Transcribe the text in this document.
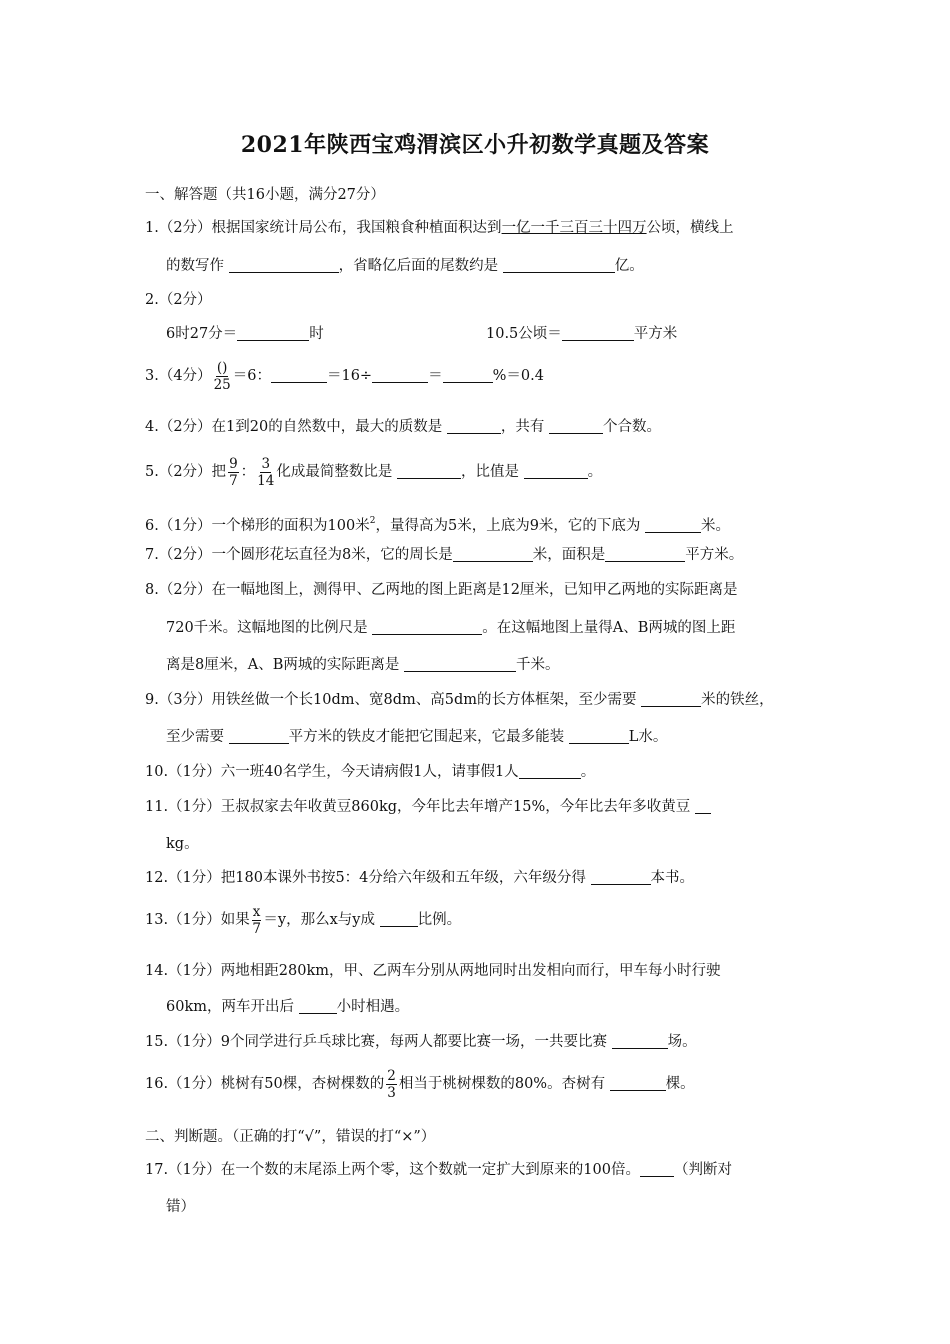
2021年陕西宝鸡渭滨区小升初数学真题及答案
一、解答题（共16小题，满分27分）
1.（2分）根据国家统计局公布，我国粮食种植面积达到一亿一千三百三十四万公顷，横线上
的数写作	，省略亿后面的尾数约是	亿。
2.（2分）
6时27分＝	时	10.5公顷＝	平方米
3.（4分） $\frac{()}{25} =6$：	＝16÷	＝	%＝0.4
4.（2分）在1到20的自然数中，最大的质数是	，共有	个合数。
5.（2分）把 $\frac{9}{7}$ ： $\frac{3}{14}$ 化成最简整数比是	，比值是	。
6.（1分）一个梯形的面积为100米$^2$，量得高为5米，上底为9米，它的下底为	米。
7.（2分）一个圆形花坛直径为8米，它的周长是	米，面积是	平方米。
8.（2分）在一幅地图上，测得甲、乙两地的图上距离是12厘米，已知甲乙两地的实际距离是
720千米。这幅地图的比例尺是	。在这幅地图上量得A、B两城的图上距
离是8厘米，A、B两城的实际距离是	千米。
9.（3分）用铁丝做一个长10dm、宽8dm、高5dm的长方体框架，至少需要	米的铁丝，
至少需要	平方米的铁皮才能把它围起来，它最多能装	L水。
10.（1分）六一班40名学生，今天请病假1人，请事假1人	。
11.（1分）王叔叔家去年收黄豆860kg，今年比去年增产15%，今年比去年多收黄豆
kg。
12.（1分）把180本课外书按5：4分给六年级和五年级，六年级分得	本书。
13.（1分）如果 $\frac{x}{7} =y$，那么x与y成	比例。
14.（1分）两地相距280km，甲、乙两车分别从两地同时出发相向而行，甲车每小时行驶
60km，两车开出后	小时相遇。
15.（1分）9个同学进行乒乓球比赛，每两人都要比赛一场，一共要比赛	场。
16.（1分）桃树有50棵，杏树棵数的 $\frac{2}{3}$ 相当于桃树棵数的80%。杏树有	棵。
二、判断题。（正确的打“√”，错误的打“×”）
17.（1分）在一个数的末尾添上两个零，这个数就一定扩大到原来的100倍。 （判断对
错）
